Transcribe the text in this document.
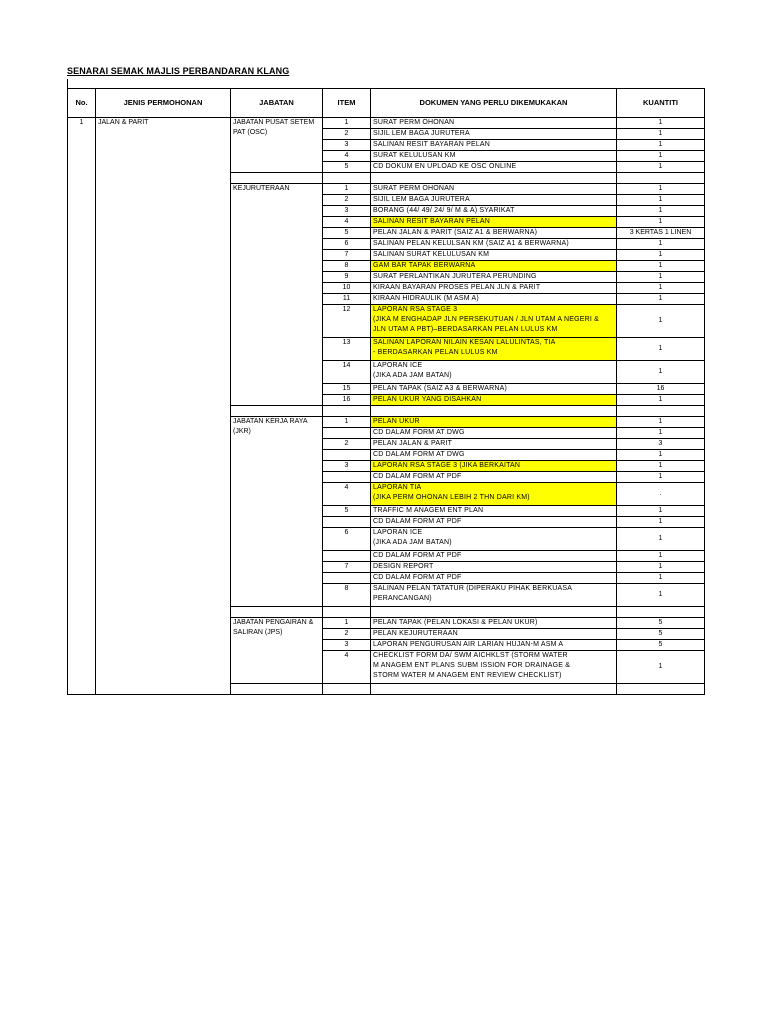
SENARAI SEMAK MAJLIS PERBANDARAN KLANG
No.	JENIS PERMOHONAN	JABATAN	ITEM	DOKUMEN YANG PERLU DIKEMUKAKAN	KUANTITI
1	JALAN & PARIT	JABATAN PUSAT SETEM PAT (OSC)	1	SURAT PERM OHONAN	1
			2	SIJIL LEM BAGA JURUTERA	1
			3	SALINAN RESIT BAYARAN PELAN	1
			4	SURAT KELULUSAN KM	1
			5	CD DOKUM EN UPLOAD KE OSC ONLINE	1

		KEJURUTERAAN	1	SURAT PERM OHONAN	1
			2	SIJIL LEM BAGA JURUTERA	1
			3	BORANG (44/ 49/ 24/ 9/ M & A) SYARIKAT	1
			4	SALINAN RESIT BAYARAN PELAN	1
			5	PELAN JALAN & PARIT (SAIZ A1 & BERWARNA)	3 KERTAS 1 LINEN
			6	SALINAN PELAN KELULSAN KM (SAIZ A1 & BERWARNA)	1
			7	SALINAN SURAT KELULUSAN KM	1
			8	GAM BAR TAPAK BERWARNA	1
			9	SURAT PERLANTIKAN JURUTERA PERUNDING	1
			10	KIRAAN BAYARAN PROSES PELAN JLN & PARIT	1
			11	KIRAAN HIDRAULIK (M ASM A)	1
			12	LAPORAN RSA STAGE 3
(JIKA M ENGHADAP JLN PERSEKUTUAN / JLN UTAM A NEGERI &
JLN UTAM A PBT)–BERDASARKAN PELAN LULUS KM	1
			13	SALINAN LAPORAN NILAIN KESAN LALULINTAS, TIA
- BERDASARKAN PELAN LULUS KM	1
			14	LAPORAN ICE
(JIKA ADA JAM BATAN)	1
			15	PELAN TAPAK (SAIZ A3 & BERWARNA)	16
			16	PELAN UKUR YANG DISAHKAN	1

		JABATAN KERJA RAYA (JKR)	1	PELAN UKUR	1

				CD DALAM FORM AT DWG	1
			2	PELAN JALAN & PARIT	3

				CD DALAM FORM AT DWG	1
			3	LAPORAN RSA STAGE 3 (JIKA BERKAITAN	1

				CD DALAM FORM AT PDF	1
			4	LAPORAN TIA
(JIKA PERM OHONAN LEBIH 2 THN DARI KM)	.
			5	TRAFFIC M ANAGEM ENT PLAN	1

				CD DALAM FORM AT PDF	1
			6	LAPORAN ICE
(JIKA ADA JAM BATAN)	1

				CD DALAM FORM AT PDF	1
			7	DESIGN REPORT	1

				CD DALAM FORM AT PDF	1
			8	SALINAN PELAN TATATUR (DIPERAKU PIHAK BERKUASA
PERANCANGAN)	1

		JABATAN PENGAIRAN & SALIRAN (JPS)	1	PELAN TAPAK (PELAN LOKASI & PELAN UKUR)	5
			2	PELAN KEJURUTERAAN	5
			3	LAPORAN PENGURUSAN AIR LARIAN HUJAN-M ASM A	5
			4	CHECKLIST FORM DA/ SWM AICHKLST (STORM WATER
M ANAGEM ENT PLANS SUBM ISSION FOR DRAINAGE &
STORM WATER M ANAGEM ENT REVIEW CHECKLIST)	1
